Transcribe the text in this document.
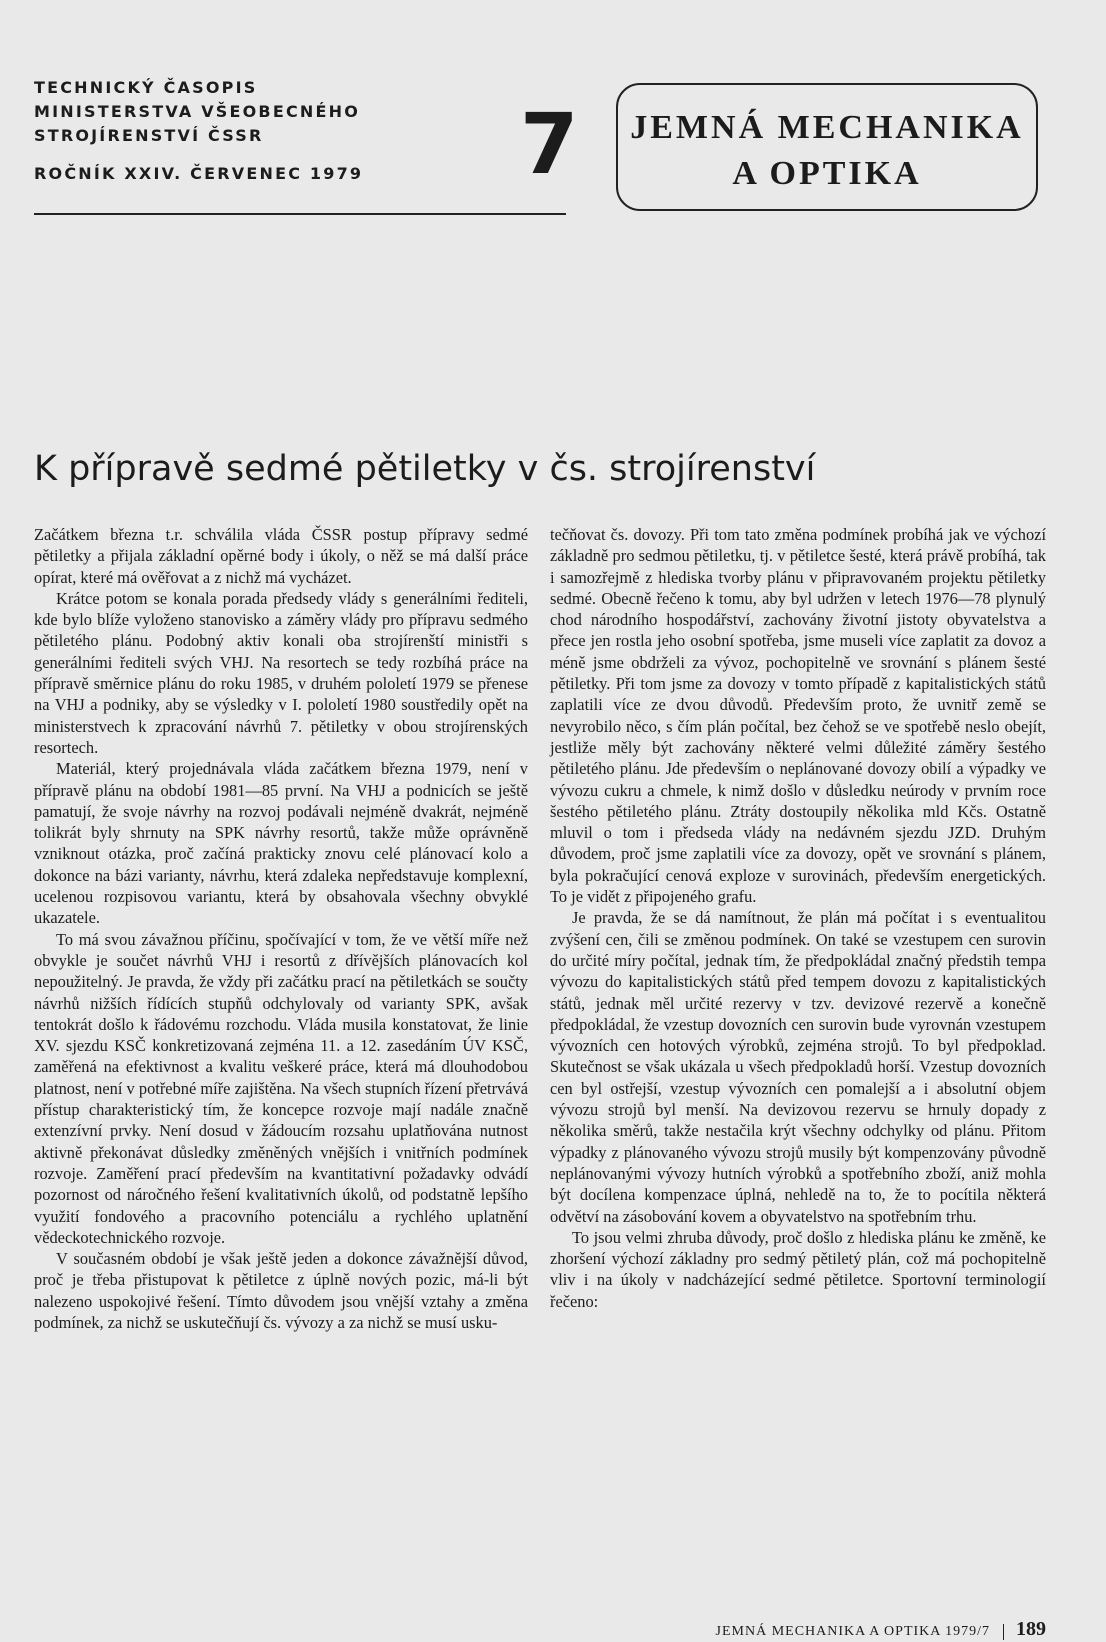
TECHNICKÝ ČASOPIS
MINISTERSTVA VŠEOBECNÉHO
STROJÍRENSTVÍ ČSSR
ROČNÍK XXIV. ČERVENEC 1979	7	JEMNÁ MECHANIKA
A OPTIKA
K přípravě sedmé pětiletky v čs. strojírenství

Začátkem března t.r. schválila vláda ČSSR postup přípravy sedmé pětiletky a přijala základní opěrné body i úkoly, o něž se má další práce opírat, které má ověřovat a z nichž má vycházet.

Krátce potom se konala porada předsedy vlády s generálními řediteli, kde bylo blíže vyloženo stanovisko a záměry vlády pro přípravu sedmého pětiletého plánu. Podobný aktiv konali oba strojírenští ministři s generálními řediteli svých VHJ. Na resortech se tedy rozbíhá práce na přípravě směrnice plánu do roku 1985, v druhém pololetí 1979 se přenese na VHJ a podniky, aby se výsledky v I. pololetí 1980 soustředily opět na ministerstvech k zpracování návrhů 7. pětiletky v obou strojírenských resortech.

Materiál, který projednávala vláda začátkem března 1979, není v přípravě plánu na období 1981—85 první. Na VHJ a podnicích se ještě pamatují, že svoje návrhy na rozvoj podávali nejméně dvakrát, nejméně tolikrát byly shrnuty na SPK návrhy resortů, takže může oprávněně vzniknout otázka, proč začíná prakticky znovu celé plánovací kolo a dokonce na bázi varianty, návrhu, která zdaleka nepředstavuje komplexní, ucelenou rozpisovou variantu, která by obsahovala všechny obvyklé ukazatele.

To má svou závažnou příčinu, spočívající v tom, že ve větší míře než obvykle je součet návrhů VHJ i resortů z dřívějších plánovacích kol nepoužitelný. Je pravda, že vždy při začátku prací na pětiletkách se součty návrhů nižších řídících stupňů odchylovaly od varianty SPK, avšak tentokrát došlo k řádovému rozchodu. Vláda musila konstatovat, že linie XV. sjezdu KSČ konkretizovaná zejména 11. a 12. zasedáním ÚV KSČ, zaměřená na efektivnost a kvalitu veškeré práce, která má dlouhodobou platnost, není v potřebné míře zajištěna. Na všech stupních řízení přetrvává přístup charakteristický tím, že koncepce rozvoje mají nadále značně extenzívní prvky. Není dosud v žádoucím rozsahu uplatňována nutnost aktivně překonávat důsledky změněných vnějších i vnitřních podmínek rozvoje. Zaměření prací především na kvantitativní požadavky odvádí pozornost od náročného řešení kvalitativních úkolů, od podstatně lepšího využití fondového a pracovního potenciálu a rychlého uplatnění vědeckotechnického rozvoje.

V současném období je však ještě jeden a dokonce závažnější důvod, proč je třeba přistupovat k pětiletce z úplně nových pozic, má-li být nalezeno uspokojivé řešení. Tímto důvodem jsou vnější vztahy a změna podmínek, za nichž se uskutečňují čs. vývozy a za nichž se musí usku-

tečňovat čs. dovozy. Při tom tato změna podmínek probíhá jak ve výchozí základně pro sedmou pětiletku, tj. v pětiletce šesté, která právě probíhá, tak i samozřejmě z hlediska tvorby plánu v připravovaném projektu pětiletky sedmé. Obecně řečeno k tomu, aby byl udržen v letech 1976—78 plynulý chod národního hospodářství, zachovány životní jistoty obyvatelstva a přece jen rostla jeho osobní spotřeba, jsme museli více zaplatit za dovoz a méně jsme obdrželi za vývoz, pochopitelně ve srovnání s plánem šesté pětiletky. Při tom jsme za dovozy v tomto případě z kapitalistických států zaplatili více ze dvou důvodů. Především proto, že uvnitř země se nevyrobilo něco, s čím plán počítal, bez čehož se ve spotřebě neslo obejít, jestliže měly být zachovány některé velmi důležité záměry šestého pětiletého plánu. Jde především o neplánované dovozy obilí a výpadky ve vývozu cukru a chmele, k nimž došlo v důsledku neúrody v prvním roce šestého pětiletého plánu. Ztráty dostoupily několika mld Kčs. Ostatně mluvil o tom i předseda vlády na nedávném sjezdu JZD. Druhým důvodem, proč jsme zaplatili více za dovozy, opět ve srovnání s plánem, byla pokračující cenová exploze v surovinách, především energetických. To je vidět z připojeného grafu.

Je pravda, že se dá namítnout, že plán má počítat i s eventualitou zvýšení cen, čili se změnou podmínek. On také se vzestupem cen surovin do určité míry počítal, jednak tím, že předpokládal značný předstih tempa vývozu do kapitalistických států před tempem dovozu z kapitalistických států, jednak měl určité rezervy v tzv. devizové rezervě a konečně předpokládal, že vzestup dovozních cen surovin bude vyrovnán vzestupem vývozních cen hotových výrobků, zejména strojů. To byl předpoklad. Skutečnost se však ukázala u všech předpokladů horší. Vzestup dovozních cen byl ostřejší, vzestup vývozních cen pomalejší a i absolutní objem vývozu strojů byl menší. Na devizovou rezervu se hrnuly dopady z několika směrů, takže nestačila krýt všechny odchylky od plánu. Přitom výpadky z plánovaného vývozu strojů musily být kompenzovány původně neplánovanými vývozy hutních výrobků a spotřebního zboží, aniž mohla být docílena kompenzace úplná, nehledě na to, že to pocítila některá odvětví na zásobování kovem a obyvatelstvo na spotřebním trhu.

To jsou velmi zhruba důvody, proč došlo z hlediska plánu ke změně, ke zhoršení výchozí základny pro sedmý pětiletý plán, což má pochopitelně vliv i na úkoly v nadcházející sedmé pětiletce. Sportovní terminologií řečeno:

JEMNÁ MECHANIKA A OPTIKA 1979/7 189
